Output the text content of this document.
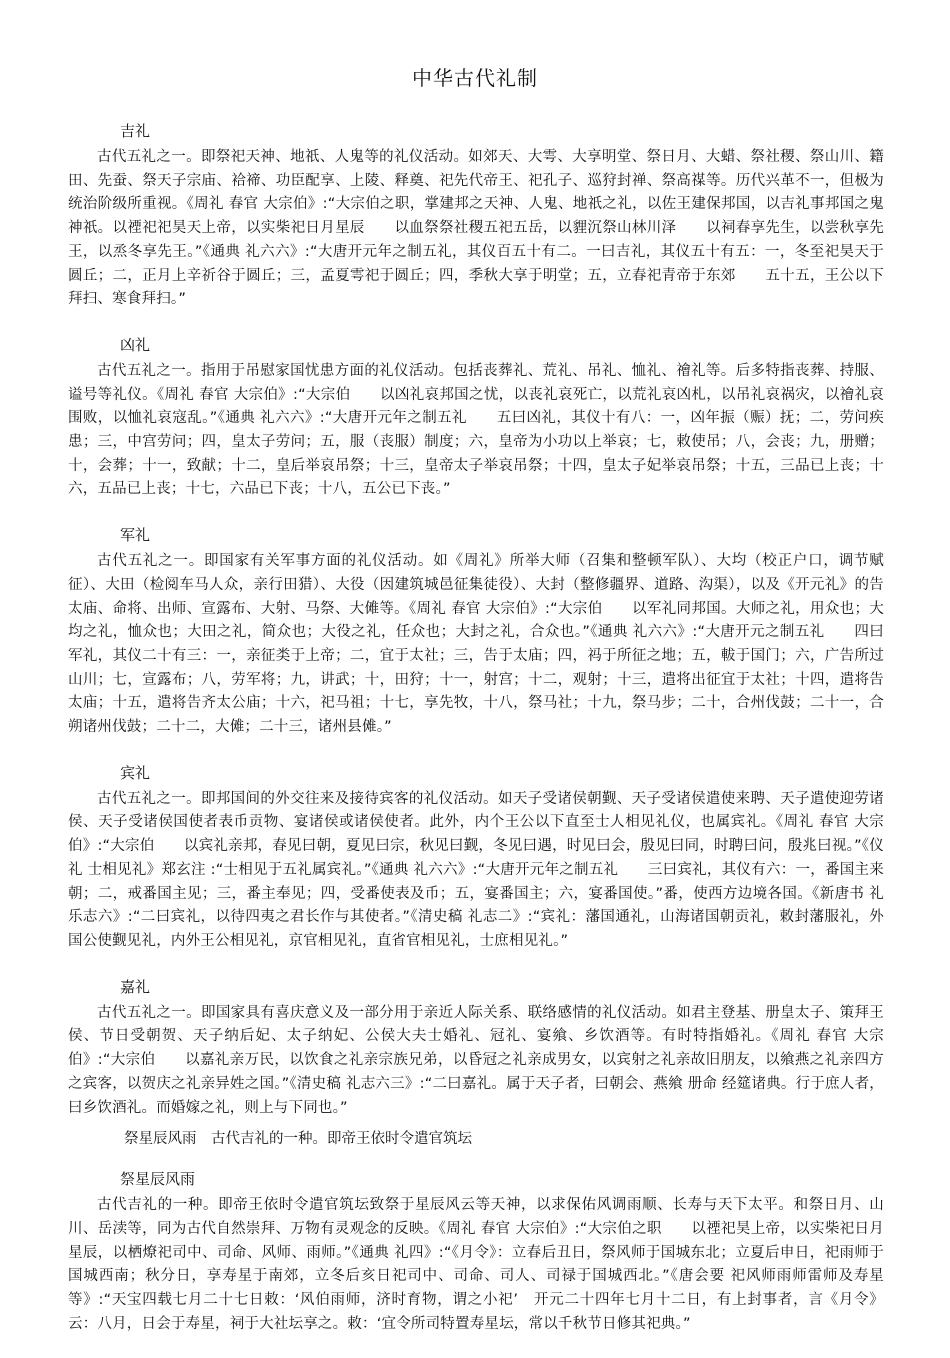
中华古代礼制
吉礼

古代五礼之一。即祭祀天神、地祇、人鬼等的礼仪活动。如郊天、大雩、大享明堂、祭日月、大蜡、祭社稷、祭山川、籍田、先蚕、祭天子宗庙、袷禘、功臣配享、上陵、释奠、祀先代帝王、祀孔子、巡狩封禅、祭高禖等。历代兴革不一，但极为统治阶级所重视。《周礼 春官 大宗伯》:“大宗伯之职，掌建邦之天神、人鬼、地祇之礼，以佐王建保邦国，以吉礼事邦国之鬼神祇。以禋祀祀昊天上帝，以实柴祀日月星辰　　以血祭祭社稷五祀五岳，以貍沉祭山林川泽　　以祠春享先生，以尝秋享先王，以烝冬享先王。”《通典 礼六六》:“大唐开元年之制五礼，其仪百五十有二。一曰吉礼，其仪五十有五：一，冬至祀昊天于圆丘；二，正月上辛祈谷于圆丘；三，孟夏雩祀于圆丘；四，季秋大享于明堂；五，立春祀青帝于东郊　　五十五，王公以下拜扫、寒食拜扫。”

凶礼

古代五礼之一。指用于吊慰家国忧患方面的礼仪活动。包括丧葬礼、荒礼、吊礼、恤礼、禬礼等。后多特指丧葬、持服、谥号等礼仪。《周礼 春官 大宗伯》:“大宗伯　　以凶礼哀邦国之忧，以丧礼哀死亡，以荒礼哀凶札，以吊礼哀祸灾，以禬礼哀围败，以恤礼哀寇乱。”《通典 礼六六》:“大唐开元年之制五礼　　五曰凶礼，其仪十有八：一，凶年振（赈）抚；二，劳问疾患；三，中宫劳问；四，皇太子劳问；五，服（丧服）制度；六，皇帝为小功以上举哀；七，敕使吊；八，会丧；九，册赠；十，会葬；十一，致献；十二，皇后举哀吊祭；十三，皇帝太子举哀吊祭；十四，皇太子妃举哀吊祭；十五，三品已上丧；十六，五品已上丧；十七，六品已下丧；十八，五公已下丧。”

军礼

古代五礼之一。即国家有关军事方面的礼仪活动。如《周礼》所举大师（召集和整顿军队）、大均（校正户口，调节赋征）、大田（检阅车马人众，亲行田猎）、大役（因建筑城邑征集徒役）、大封（整修疆界、道路、沟渠），以及《开元礼》的告太庙、命将、出师、宣露布、大射、马祭、大傩等。《周礼 春官 大宗伯》:“大宗伯　　以军礼同邦国。大师之礼，用众也；大均之礼，恤众也；大田之礼，简众也；大役之礼，任众也；大封之礼，合众也。”《通典 礼六六》:“大唐开元之制五礼　　四曰军礼，其仪二十有三：一，亲征类于上帝；二，宜于太社；三，告于太庙；四，祃于所征之地；五，軷于国门；六，广告所过山川；七，宣露布；八，劳军将；九，讲武；十，田狩；十一，射宫；十二，观射；十三，遣将出征宜于太社；十四，遣将告太庙；十五，遣将告齐太公庙；十六，祀马祖；十七，享先牧，十八，祭马社；十九，祭马步；二十，合州伐鼓；二十一，合朔诸州伐鼓；二十二，大傩；二十三，诸州县傩。”

宾礼

古代五礼之一。即邦国间的外交往来及接待宾客的礼仪活动。如天子受诸侯朝觐、天子受诸侯遣使来聘、天子遣使迎劳诸侯、天子受诸侯国使者表币贡物、宴诸侯或诸侯使者。此外，内个王公以下直至士人相见礼仪，也属宾礼。《周礼 春官 大宗伯》:“大宗伯　　以宾礼亲邦，春见曰朝，夏见曰宗，秋见曰觐，冬见曰遇，时见曰会，殷见曰同，时聘曰问，殷兆曰视。”《仪礼 士相见礼》郑玄注 :“士相见于五礼属宾礼。”《通典 礼六六》:“大唐开元年之制五礼　　三曰宾礼，其仪有六：一，番国主来朝；二，戒番国主见；三，番主奉见；四，受番使表及币；五，宴番国主；六，宴番国使。”番，使西方边境各国。《新唐书 礼乐志六》:“二曰宾礼，以待四夷之君长作与其使者。”《清史稿 礼志二》:“宾礼：藩国通礼，山海诸国朝贡礼，敕封藩服礼，外国公使觐见礼，内外王公相见礼，京官相见礼，直省官相见礼，士庶相见礼。”

嘉礼

古代五礼之一。即国家具有喜庆意义及一部分用于亲近人际关系、联络感情的礼仪活动。如君主登基、册皇太子、策拜王侯、节日受朝贺、天子纳后妃、太子纳妃、公侯大夫士婚礼、冠礼、宴飨、乡饮酒等。有时特指婚礼。《周礼 春官 大宗伯》:“大宗伯　　以嘉礼亲万民，以饮食之礼亲宗族兄弟，以昏冠之礼亲成男女，以宾射之礼亲故旧朋友，以飨燕之礼亲四方之宾客，以贺庆之礼亲异姓之国。”《清史稿 礼志六三》:“二曰嘉礼。属于天子者，曰朝会、燕飨 册命 经筵诸典。行于庶人者，曰乡饮酒礼。而婚嫁之礼，则上与下同也。”

祭星辰风雨　古代吉礼的一种。即帝王依时令遣官筑坛
祭星辰风雨

古代吉礼的一种。即帝王依时令遣官筑坛致祭于星辰风云等天神，以求保佑风调雨顺、长寿与天下太平。和祭日月、山川、岳渎等，同为古代自然崇拜、万物有灵观念的反映。《周礼 春官 大宗伯》:“大宗伯之职　　以禋祀昊上帝，以实柴祀日月星辰，以栖燎祀司中、司命、风师、雨师。”《通典 礼四》:“《月令》：立春后丑日，祭风师于国城东北；立夏后申日，祀雨师于国城西南；秋分日，享寿星于南郊，立冬后亥日祀司中、司命、司人、司禄于国城西北。”《唐会要 祀风师雨师雷师及寿星等》:“天宝四载七月二十七日敕：‘风伯雨师，济时育物，谓之小祀’　开元二十四年七月十二日，有上封事者，言《月令》云：八月，日会于寿星，祠于大社坛享之。敕：‘宜令所司特置寿星坛，常以千秋节日修其祀典。”
